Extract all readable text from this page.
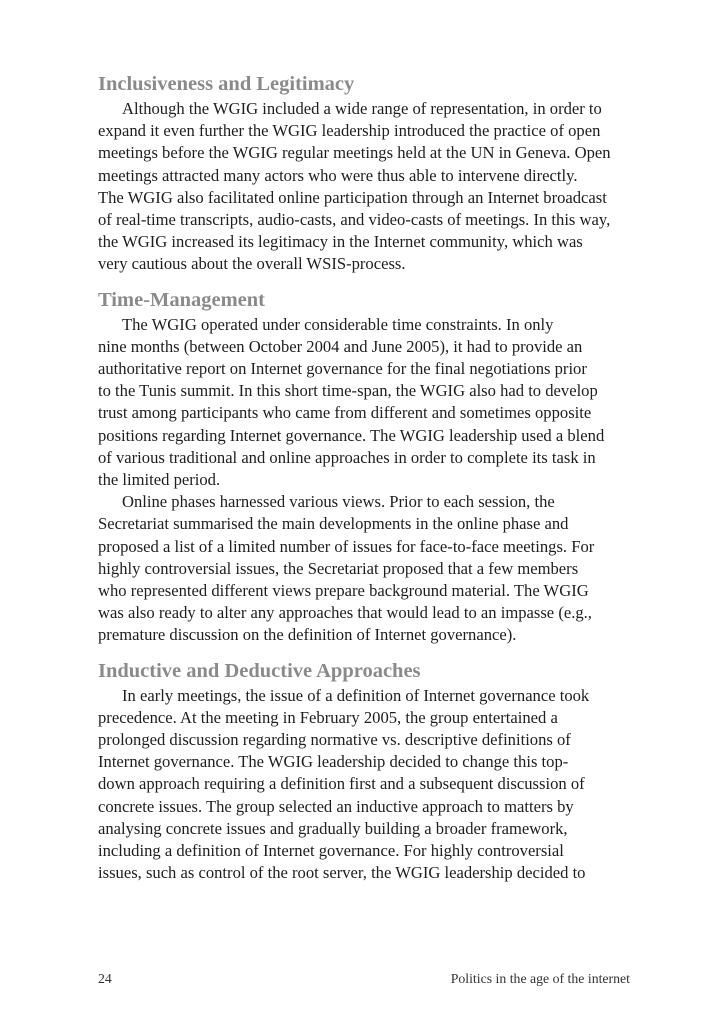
Inclusiveness and Legitimacy

Although the WGIG included a wide range of representation, in order to
expand it even further the WGIG leadership introduced the practice of open
meetings before the WGIG regular meetings held at the UN in Geneva. Open
meetings attracted many actors who were thus able to intervene directly.
The WGIG also facilitated online participation through an Internet broadcast
of real-time transcripts, audio-casts, and video-casts of meetings. In this way,
the WGIG increased its legitimacy in the Internet community, which was
very cautious about the overall WSIS-process.

Time-Management

The WGIG operated under considerable time constraints. In only
nine months (between October 2004 and June 2005), it had to provide an
authoritative report on Internet governance for the final negotiations prior
to the Tunis summit. In this short time-span, the WGIG also had to develop
trust among participants who came from different and sometimes opposite
positions regarding Internet governance. The WGIG leadership used a blend
of various traditional and online approaches in order to complete its task in
the limited period.

Online phases harnessed various views. Prior to each session, the
Secretariat summarised the main developments in the online phase and
proposed a list of a limited number of issues for face-to-face meetings. For
highly controversial issues, the Secretariat proposed that a few members
who represented different views prepare background material. The WGIG
was also ready to alter any approaches that would lead to an impasse (e.g.,
premature discussion on the definition of Internet governance).

Inductive and Deductive Approaches

In early meetings, the issue of a definition of Internet governance took
precedence. At the meeting in February 2005, the group entertained a
prolonged discussion regarding normative vs. descriptive definitions of
Internet governance. The WGIG leadership decided to change this top-
down approach requiring a definition first and a subsequent discussion of
concrete issues. The group selected an inductive approach to matters by
analysing concrete issues and gradually building a broader framework,
including a definition of Internet governance. For highly controversial
issues, such as control of the root server, the WGIG leadership decided to

24	Politics in the age of the internet
